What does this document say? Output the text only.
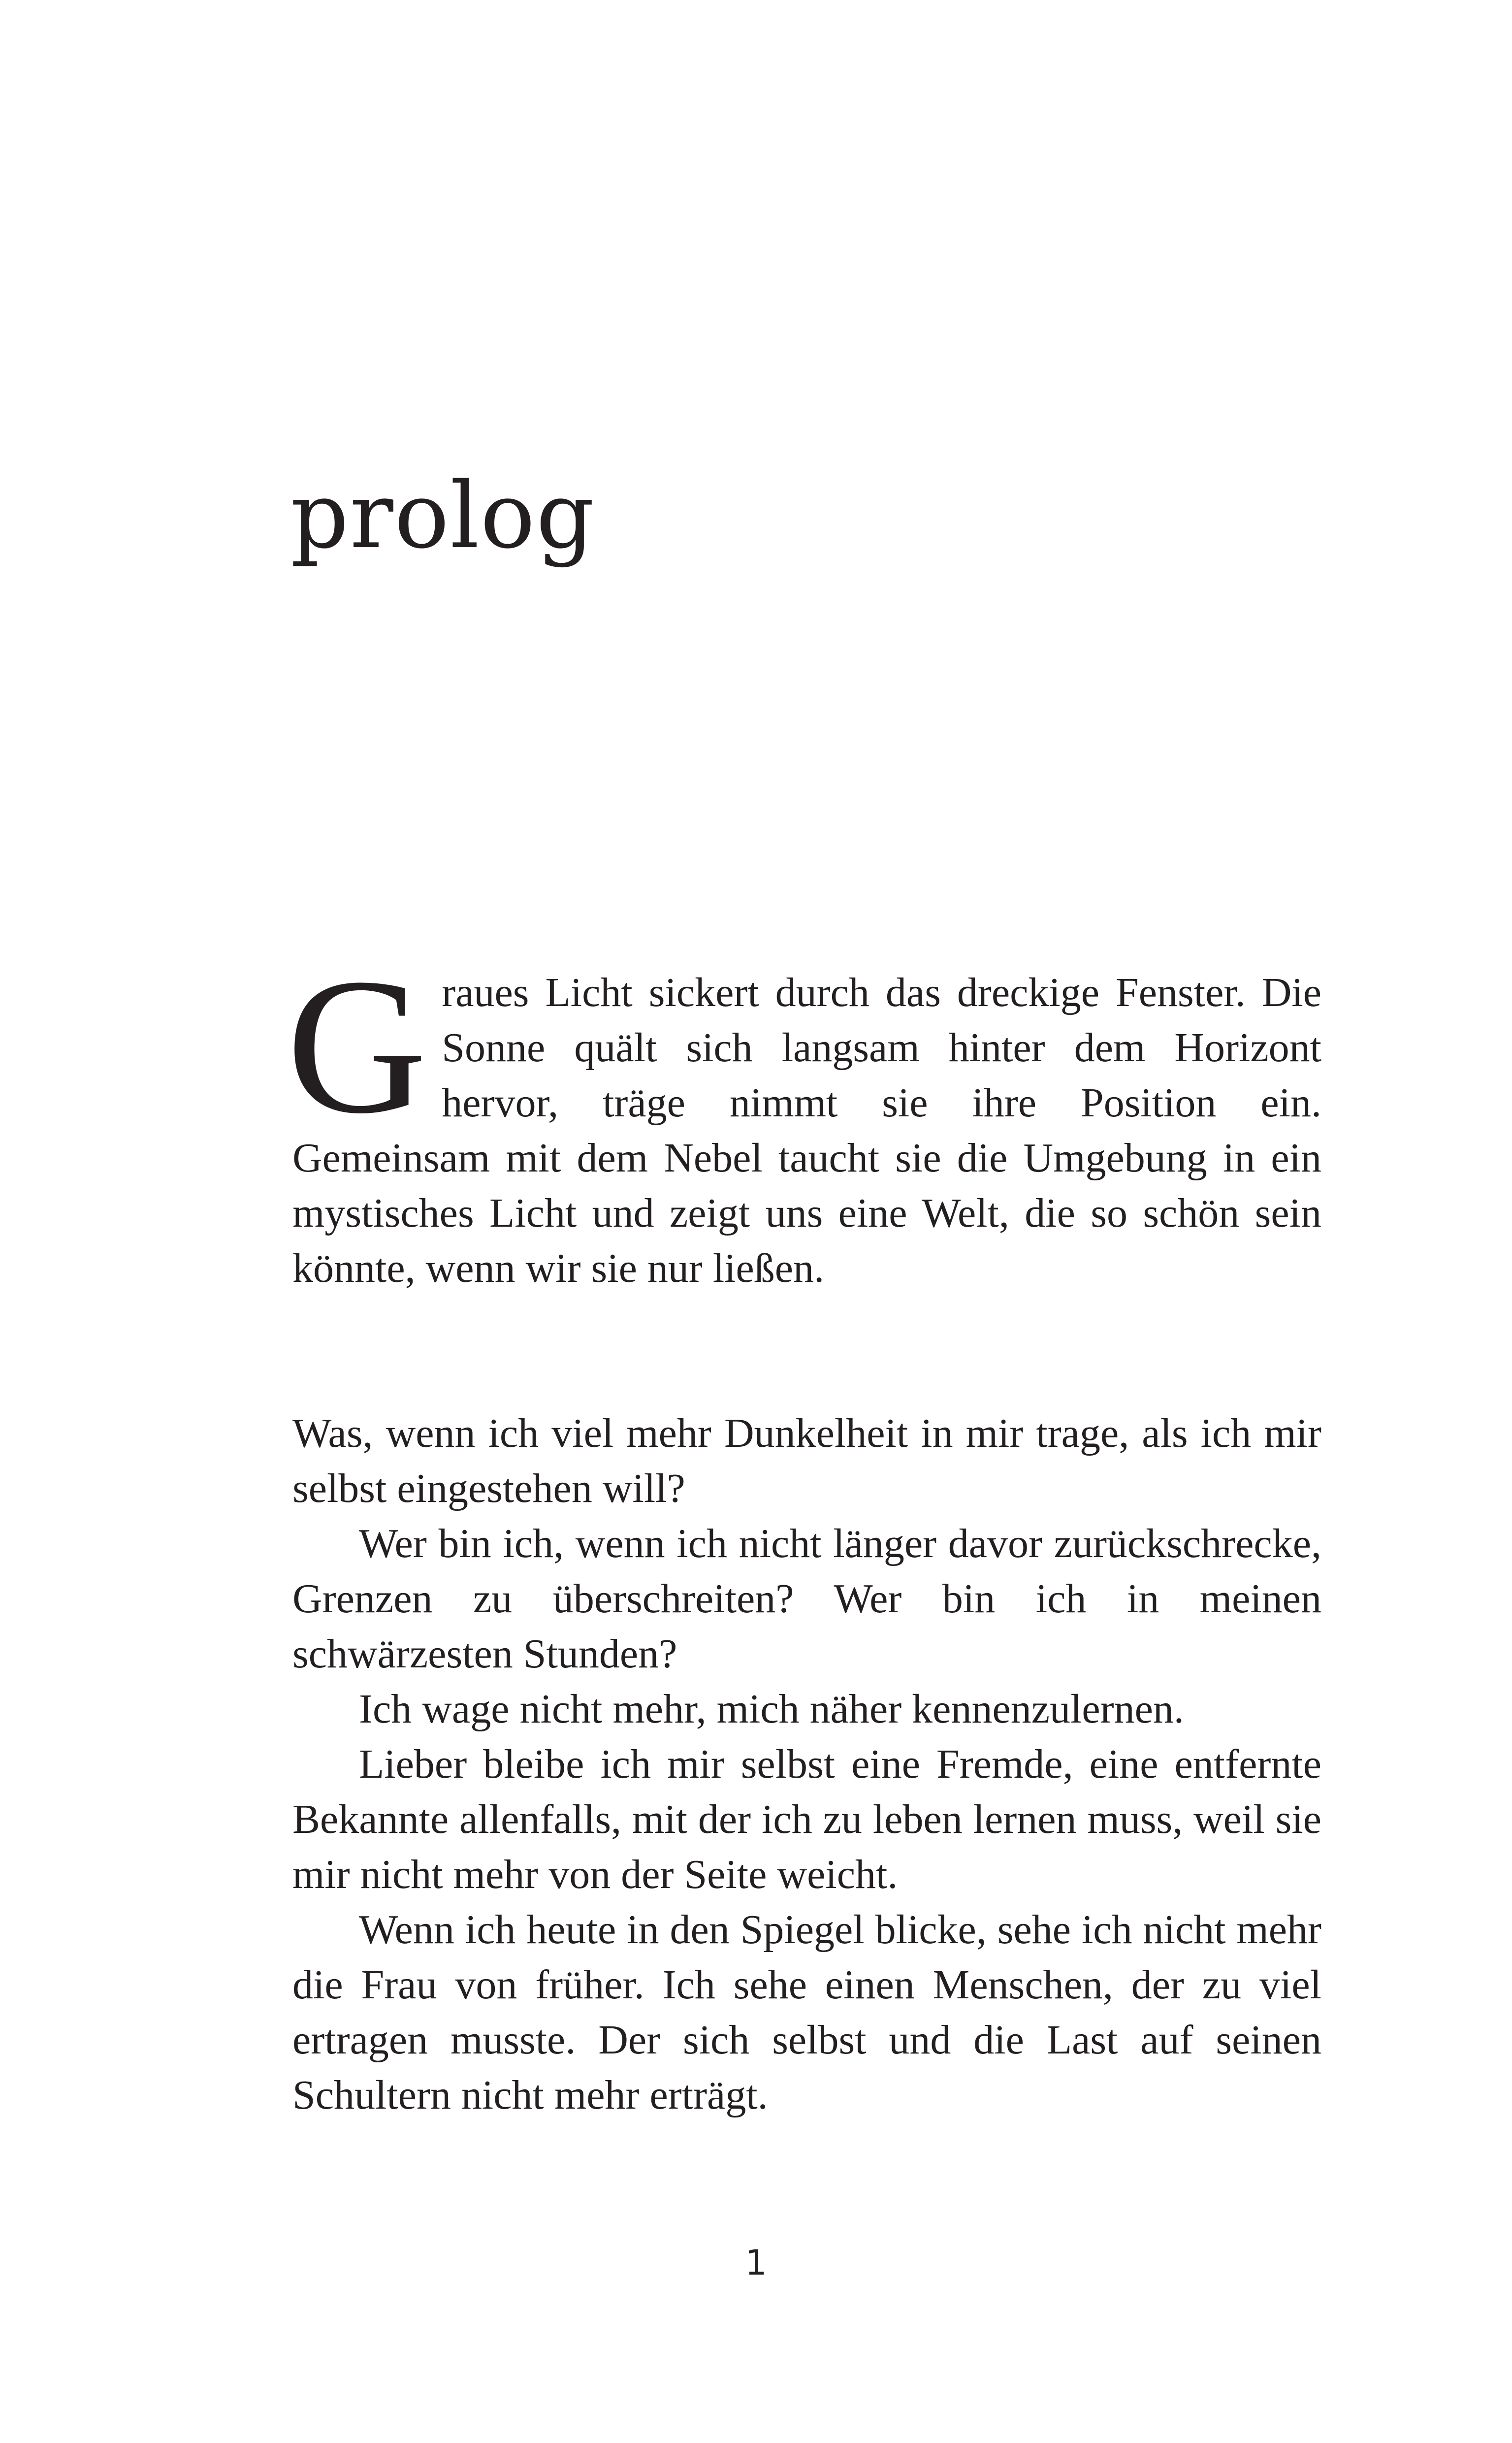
prolog

Graues Licht sickert durch das dreckige Fenster. Die Sonne quält sich langsam hinter dem Horizont hervor, träge nimmt sie ihre Position ein. Gemeinsam mit dem Nebel taucht sie die Umgebung in ein mystisches Licht und zeigt uns eine Welt, die so schön sein könnte, wenn wir sie nur ließen.

Was, wenn ich viel mehr Dunkelheit in mir trage, als ich mir selbst eingestehen will?

Wer bin ich, wenn ich nicht länger davor zurückschrecke, Grenzen zu überschreiten? Wer bin ich in meinen schwärzesten Stunden?

Ich wage nicht mehr, mich näher kennenzulernen.

Lieber bleibe ich mir selbst eine Fremde, eine entfernte Bekannte allenfalls, mit der ich zu leben lernen muss, weil sie mir nicht mehr von der Seite weicht.

Wenn ich heute in den Spiegel blicke, sehe ich nicht mehr die Frau von früher. Ich sehe einen Menschen, der zu viel ertragen musste. Der sich selbst und die Last auf seinen Schultern nicht mehr erträgt.

1
